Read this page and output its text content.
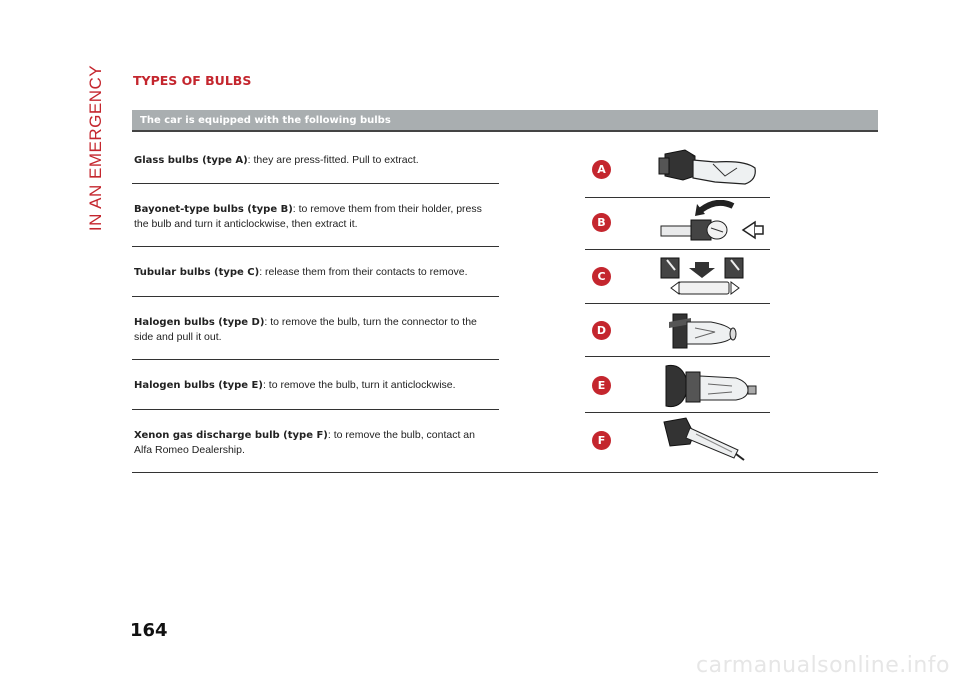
IN AN EMERGENCY TYPES OF BULBS
The car is equipped with the following bulbs
Glass bulbs (type A): they are press-fitted. Pull to extract.
Bayonet-type bulbs (type B): to remove them from their holder, press the bulb and turn it anticlockwise, then extract it.
Tubular bulbs (type C): release them from their contacts to remove.
Halogen bulbs (type D): to remove the bulb, turn the connector to the side and pull it out.
Halogen bulbs (type E): to remove the bulb, turn it anticlockwise.
Xenon gas discharge bulb (type F): to remove the bulb, contact an Alfa Romeo Dealership.
A
B
C
D
E
F
164
carmanualsonline.info
